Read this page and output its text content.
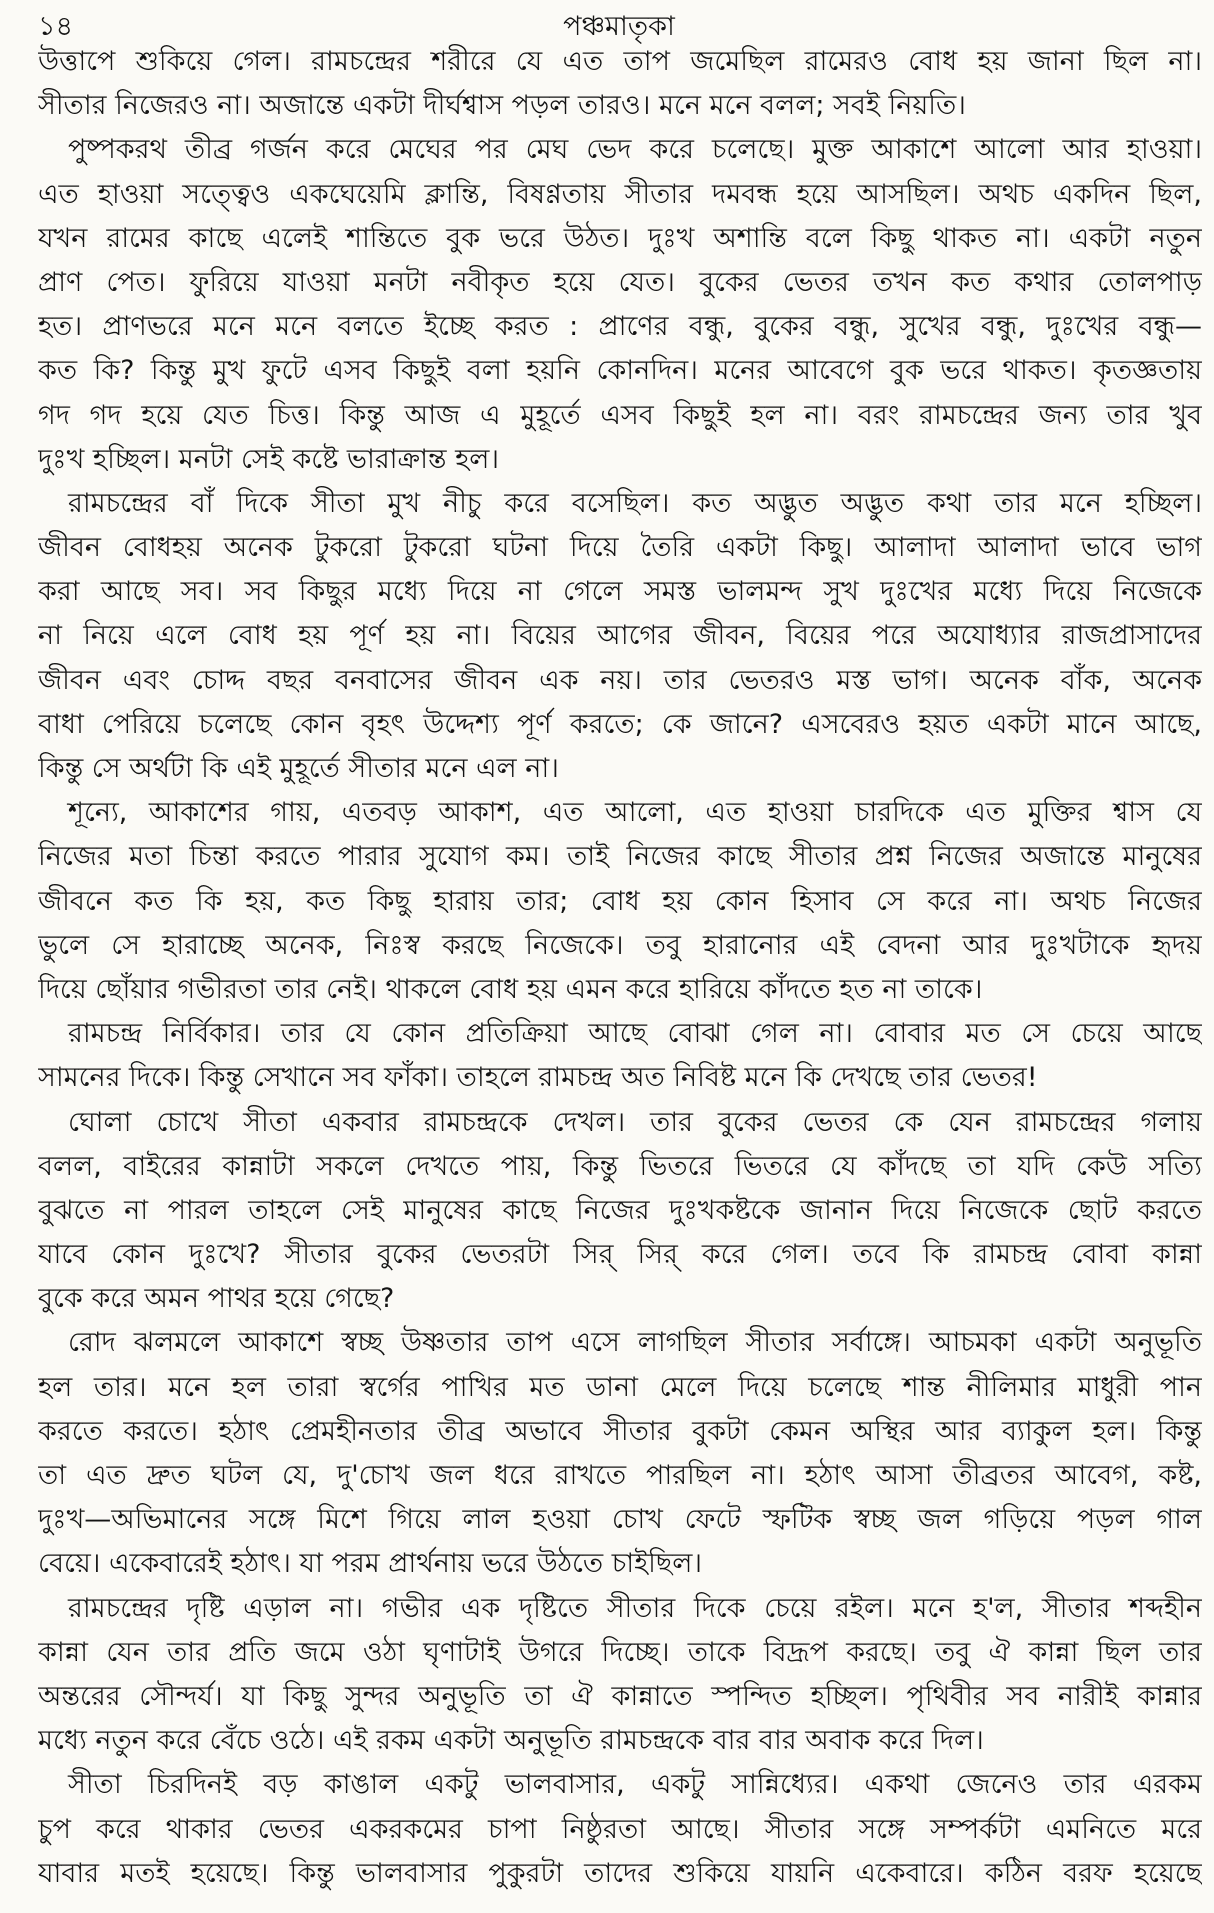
১৪	পঞ্চমাতৃকা
উত্তাপে শুকিয়ে গেল। রামচন্দ্রের শরীরে যে এত তাপ জমেছিল রামেরও বোধ হয় জানা ছিল না।
সীতার নিজেরও না। অজান্তে একটা দীর্ঘশ্বাস পড়ল তারও। মনে মনে বলল; সবই নিয়তি।
পুষ্পকরথ তীব্র গর্জন করে মেঘের পর মেঘ ভেদ করে চলেছে। মুক্ত আকাশে আলো আর হাওয়া।
এত হাওয়া সত্ত্বেও একঘেয়েমি ক্লান্তি, বিষণ্ণতায় সীতার দমবন্ধ হয়ে আসছিল। অথচ একদিন ছিল,
যখন রামের কাছে এলেই শান্তিতে বুক ভরে উঠত। দুঃখ অশান্তি বলে কিছু থাকত না। একটা নতুন
প্রাণ পেত। ফুরিয়ে যাওয়া মনটা নবীকৃত হয়ে যেত। বুকের ভেতর তখন কত কথার তোলপাড়
হত। প্রাণভরে মনে মনে বলতে ইচ্ছে করত : প্রাণের বন্ধু, বুকের বন্ধু, সুখের বন্ধু, দুঃখের বন্ধু—
কত কি? কিন্তু মুখ ফুটে এসব কিছুই বলা হয়নি কোনদিন। মনের আবেগে বুক ভরে থাকত। কৃতজ্ঞতায়
গদ গদ হয়ে যেত চিত্ত। কিন্তু আজ এ মুহূর্তে এসব কিছুই হল না। বরং রামচন্দ্রের জন্য তার খুব
দুঃখ হচ্ছিল। মনটা সেই কষ্টে ভারাক্রান্ত হল।
রামচন্দ্রের বাঁ দিকে সীতা মুখ নীচু করে বসেছিল। কত অদ্ভুত অদ্ভুত কথা তার মনে হচ্ছিল।
জীবন বোধহয় অনেক টুকরো টুকরো ঘটনা দিয়ে তৈরি একটা কিছু। আলাদা আলাদা ভাবে ভাগ
করা আছে সব। সব কিছুর মধ্যে দিয়ে না গেলে সমস্ত ভালমন্দ সুখ দুঃখের মধ্যে দিয়ে নিজেকে
না নিয়ে এলে বোধ হয় পূর্ণ হয় না। বিয়ের আগের জীবন, বিয়ের পরে অযোধ্যার রাজপ্রাসাদের
জীবন এবং চোদ্দ বছর বনবাসের জীবন এক নয়। তার ভেতরও মস্ত ভাগ। অনেক বাঁক, অনেক
বাধা পেরিয়ে চলেছে কোন বৃহৎ উদ্দেশ্য পূর্ণ করতে; কে জানে? এসবেরও হয়ত একটা মানে আছে,
কিন্তু সে অর্থটা কি এই মুহূর্তে সীতার মনে এল না।
শূন্যে, আকাশের গায়, এতবড় আকাশ, এত আলো, এত হাওয়া চারদিকে এত মুক্তির শ্বাস যে
নিজের মতা চিন্তা করতে পারার সুযোগ কম। তাই নিজের কাছে সীতার প্রশ্ন নিজের অজান্তে মানুষের
জীবনে কত কি হয়, কত কিছু হারায় তার; বোধ হয় কোন হিসাব সে করে না। অথচ নিজের
ভুলে সে হারাচ্ছে অনেক, নিঃস্ব করছে নিজেকে। তবু হারানোর এই বেদনা আর দুঃখটাকে হৃদয়
দিয়ে ছোঁয়ার গভীরতা তার নেই। থাকলে বোধ হয় এমন করে হারিয়ে কাঁদতে হত না তাকে।
রামচন্দ্র নির্বিকার। তার যে কোন প্রতিক্রিয়া আছে বোঝা গেল না। বোবার মত সে চেয়ে আছে
সামনের দিকে। কিন্তু সেখানে সব ফাঁকা। তাহলে রামচন্দ্র অত নিবিষ্ট মনে কি দেখছে তার ভেতর!
ঘোলা চোখে সীতা একবার রামচন্দ্রকে দেখল। তার বুকের ভেতর কে যেন রামচন্দ্রের গলায়
বলল, বাইরের কান্নাটা সকলে দেখতে পায়, কিন্তু ভিতরে ভিতরে যে কাঁদছে তা যদি কেউ সত্যি
বুঝতে না পারল তাহলে সেই মানুষের কাছে নিজের দুঃখকষ্টকে জানান দিয়ে নিজেকে ছোট করতে
যাবে কোন দুঃখে? সীতার বুকের ভেতরটা সির্ সির্ করে গেল। তবে কি রামচন্দ্র বোবা কান্না
বুকে করে অমন পাথর হয়ে গেছে?
রোদ ঝলমলে আকাশে স্বচ্ছ উষ্ণতার তাপ এসে লাগছিল সীতার সর্বাঙ্গে। আচমকা একটা অনুভূতি
হল তার। মনে হল তারা স্বর্গের পাখির মত ডানা মেলে দিয়ে চলেছে শান্ত নীলিমার মাধুরী পান
করতে করতে। হঠাৎ প্রেমহীনতার তীব্র অভাবে সীতার বুকটা কেমন অস্থির আর ব্যাকুল হল। কিন্তু
তা এত দ্রুত ঘটল যে, দু'চোখ জল ধরে রাখতে পারছিল না। হঠাৎ আসা তীব্রতর আবেগ, কষ্ট,
দুঃখ—অভিমানের সঙ্গে মিশে গিয়ে লাল হওয়া চোখ ফেটে স্ফটিক স্বচ্ছ জল গড়িয়ে পড়ল গাল
বেয়ে। একেবারেই হঠাৎ। যা পরম প্রার্থনায় ভরে উঠতে চাইছিল।
রামচন্দ্রের দৃষ্টি এড়াল না। গভীর এক দৃষ্টিতে সীতার দিকে চেয়ে রইল। মনে হ'ল, সীতার শব্দহীন
কান্না যেন তার প্রতি জমে ওঠা ঘৃণাটাই উগরে দিচ্ছে। তাকে বিদ্রূপ করছে। তবু ঐ কান্না ছিল তার
অন্তরের সৌন্দর্য। যা কিছু সুন্দর অনুভূতি তা ঐ কান্নাতে স্পন্দিত হচ্ছিল। পৃথিবীর সব নারীই কান্নার
মধ্যে নতুন করে বেঁচে ওঠে। এই রকম একটা অনুভূতি রামচন্দ্রকে বার বার অবাক করে দিল।
সীতা চিরদিনই বড় কাঙাল একটু ভালবাসার, একটু সান্নিধ্যের। একথা জেনেও তার এরকম
চুপ করে থাকার ভেতর একরকমের চাপা নিষ্ঠুরতা আছে। সীতার সঙ্গে সম্পর্কটা এমনিতে মরে
যাবার মতই হয়েছে। কিন্তু ভালবাসার পুকুরটা তাদের শুকিয়ে যায়নি একেবারে। কঠিন বরফ হয়েছে
